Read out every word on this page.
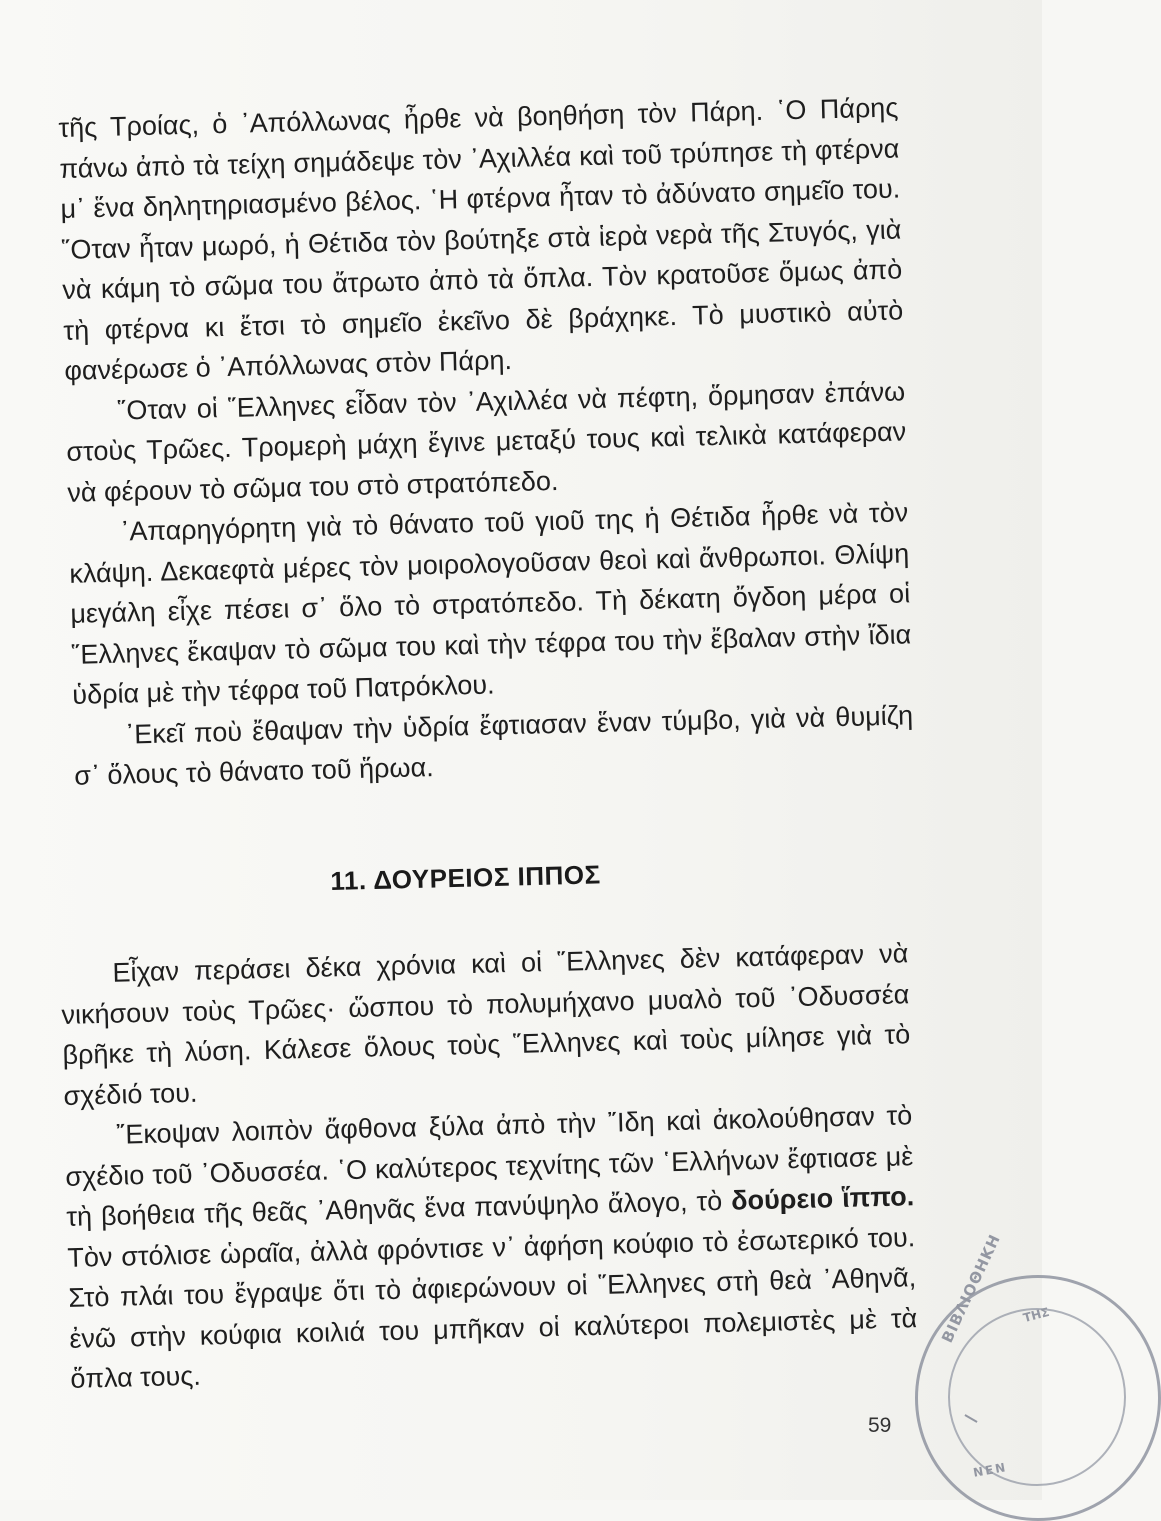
τῆς Τροίας, ὁ ᾿Απόλλωνας ἦρθε νὰ βοηθήση τὸν Πάρη. ῾Ο Πάρης πάνω ἀπὸ τὰ τείχη σημάδεψε τὸν ᾿Αχιλλέα καὶ τοῦ τρύπησε τὴ φτέρνα μ᾿ ἕνα δηλητηριασμένο βέλος. ῾Η φτέρνα ἦταν τὸ ἀδύνατο σημεῖο του. ῞Οταν ἦταν μωρό, ἡ Θέτιδα τὸν βούτηξε στὰ ἱερὰ νερὰ τῆς Στυγός, γιὰ νὰ κάμη τὸ σῶμα του ἄτρωτο ἀπὸ τὰ ὅπλα. Τὸν κρατοῦσε ὅμως ἀπὸ τὴ φτέρνα κι ἔτσι τὸ σημεῖο ἐκεῖνο δὲ βράχηκε. Τὸ μυστικὸ αὐτὸ φανέρωσε ὁ ᾿Απόλλωνας στὸν Πάρη.

῞Οταν οἱ ῞Ελληνες εἶδαν τὸν ᾿Αχιλλέα νὰ πέφτη, ὅρμησαν ἐπάνω στοὺς Τρῶες. Τρομερὴ μάχη ἔγινε μεταξύ τους καὶ τελικὰ κατάφεραν νὰ φέρουν τὸ σῶμα του στὸ στρατόπεδο.

᾿Απαρηγόρητη γιὰ τὸ θάνατο τοῦ γιοῦ της ἡ Θέτιδα ἦρθε νὰ τὸν κλάψη. Δεκαεφτὰ μέρες τὸν μοιρολογοῦσαν θεοὶ καὶ ἄνθρωποι. Θλίψη μεγάλη εἶχε πέσει σ᾿ ὅλο τὸ στρατόπεδο. Τὴ δέκατη ὄγδοη μέρα οἱ ῞Ελληνες ἔκαψαν τὸ σῶμα του καὶ τὴν τέφρα του τὴν ἔβαλαν στὴν ἴδια ὑδρία μὲ τὴν τέφρα τοῦ Πατρόκλου.

᾿Εκεῖ ποὺ ἔθαψαν τὴν ὑδρία ἔφτιασαν ἕναν τύμβο, γιὰ νὰ θυμίζη σ᾿ ὅλους τὸ θάνατο τοῦ ἥρωα.

11. ΔΟΥΡΕΙΟΣ ΙΠΠΟΣ

Εἶχαν περάσει δέκα χρόνια καὶ οἱ ῞Ελληνες δὲν κατάφεραν νὰ νικήσουν τοὺς Τρῶες· ὥσπου τὸ πολυμήχανο μυαλὸ τοῦ ᾿Οδυσσέα βρῆκε τὴ λύση. Κάλεσε ὅλους τοὺς ῞Ελληνες καὶ τοὺς μίλησε γιὰ τὸ σχέδιό του.

῎Εκοψαν λοιπὸν ἄφθονα ξύλα ἀπὸ τὴν ῎Ιδη καὶ ἀκολούθησαν τὸ σχέδιο τοῦ ᾿Οδυσσέα. ῾Ο καλύτερος τεχνίτης τῶν ῾Ελλήνων ἔφτιασε μὲ τὴ βοήθεια τῆς θεᾶς ᾿Αθηνᾶς ἕνα πανύψηλο ἄλογο, τὸ δούρειο ἵππο. Τὸν στόλισε ὡραῖα, ἀλλὰ φρόντισε ν᾿ ἀφήση κούφιο τὸ ἐσωτερικό του. Στὸ πλάι του ἔγραψε ὅτι τὸ ἀφιερώνουν οἱ ῞Ελληνες στὴ θεὰ ᾿Αθηνᾶ, ἐνῶ στὴν κούφια κοιλιά του μπῆκαν οἱ καλύτεροι πολεμιστὲς μὲ τὰ ὅπλα τους.

59
ΒΙΒΛΙΟΘΗΚΗ ΤΗΣ
ΝΕΝ
